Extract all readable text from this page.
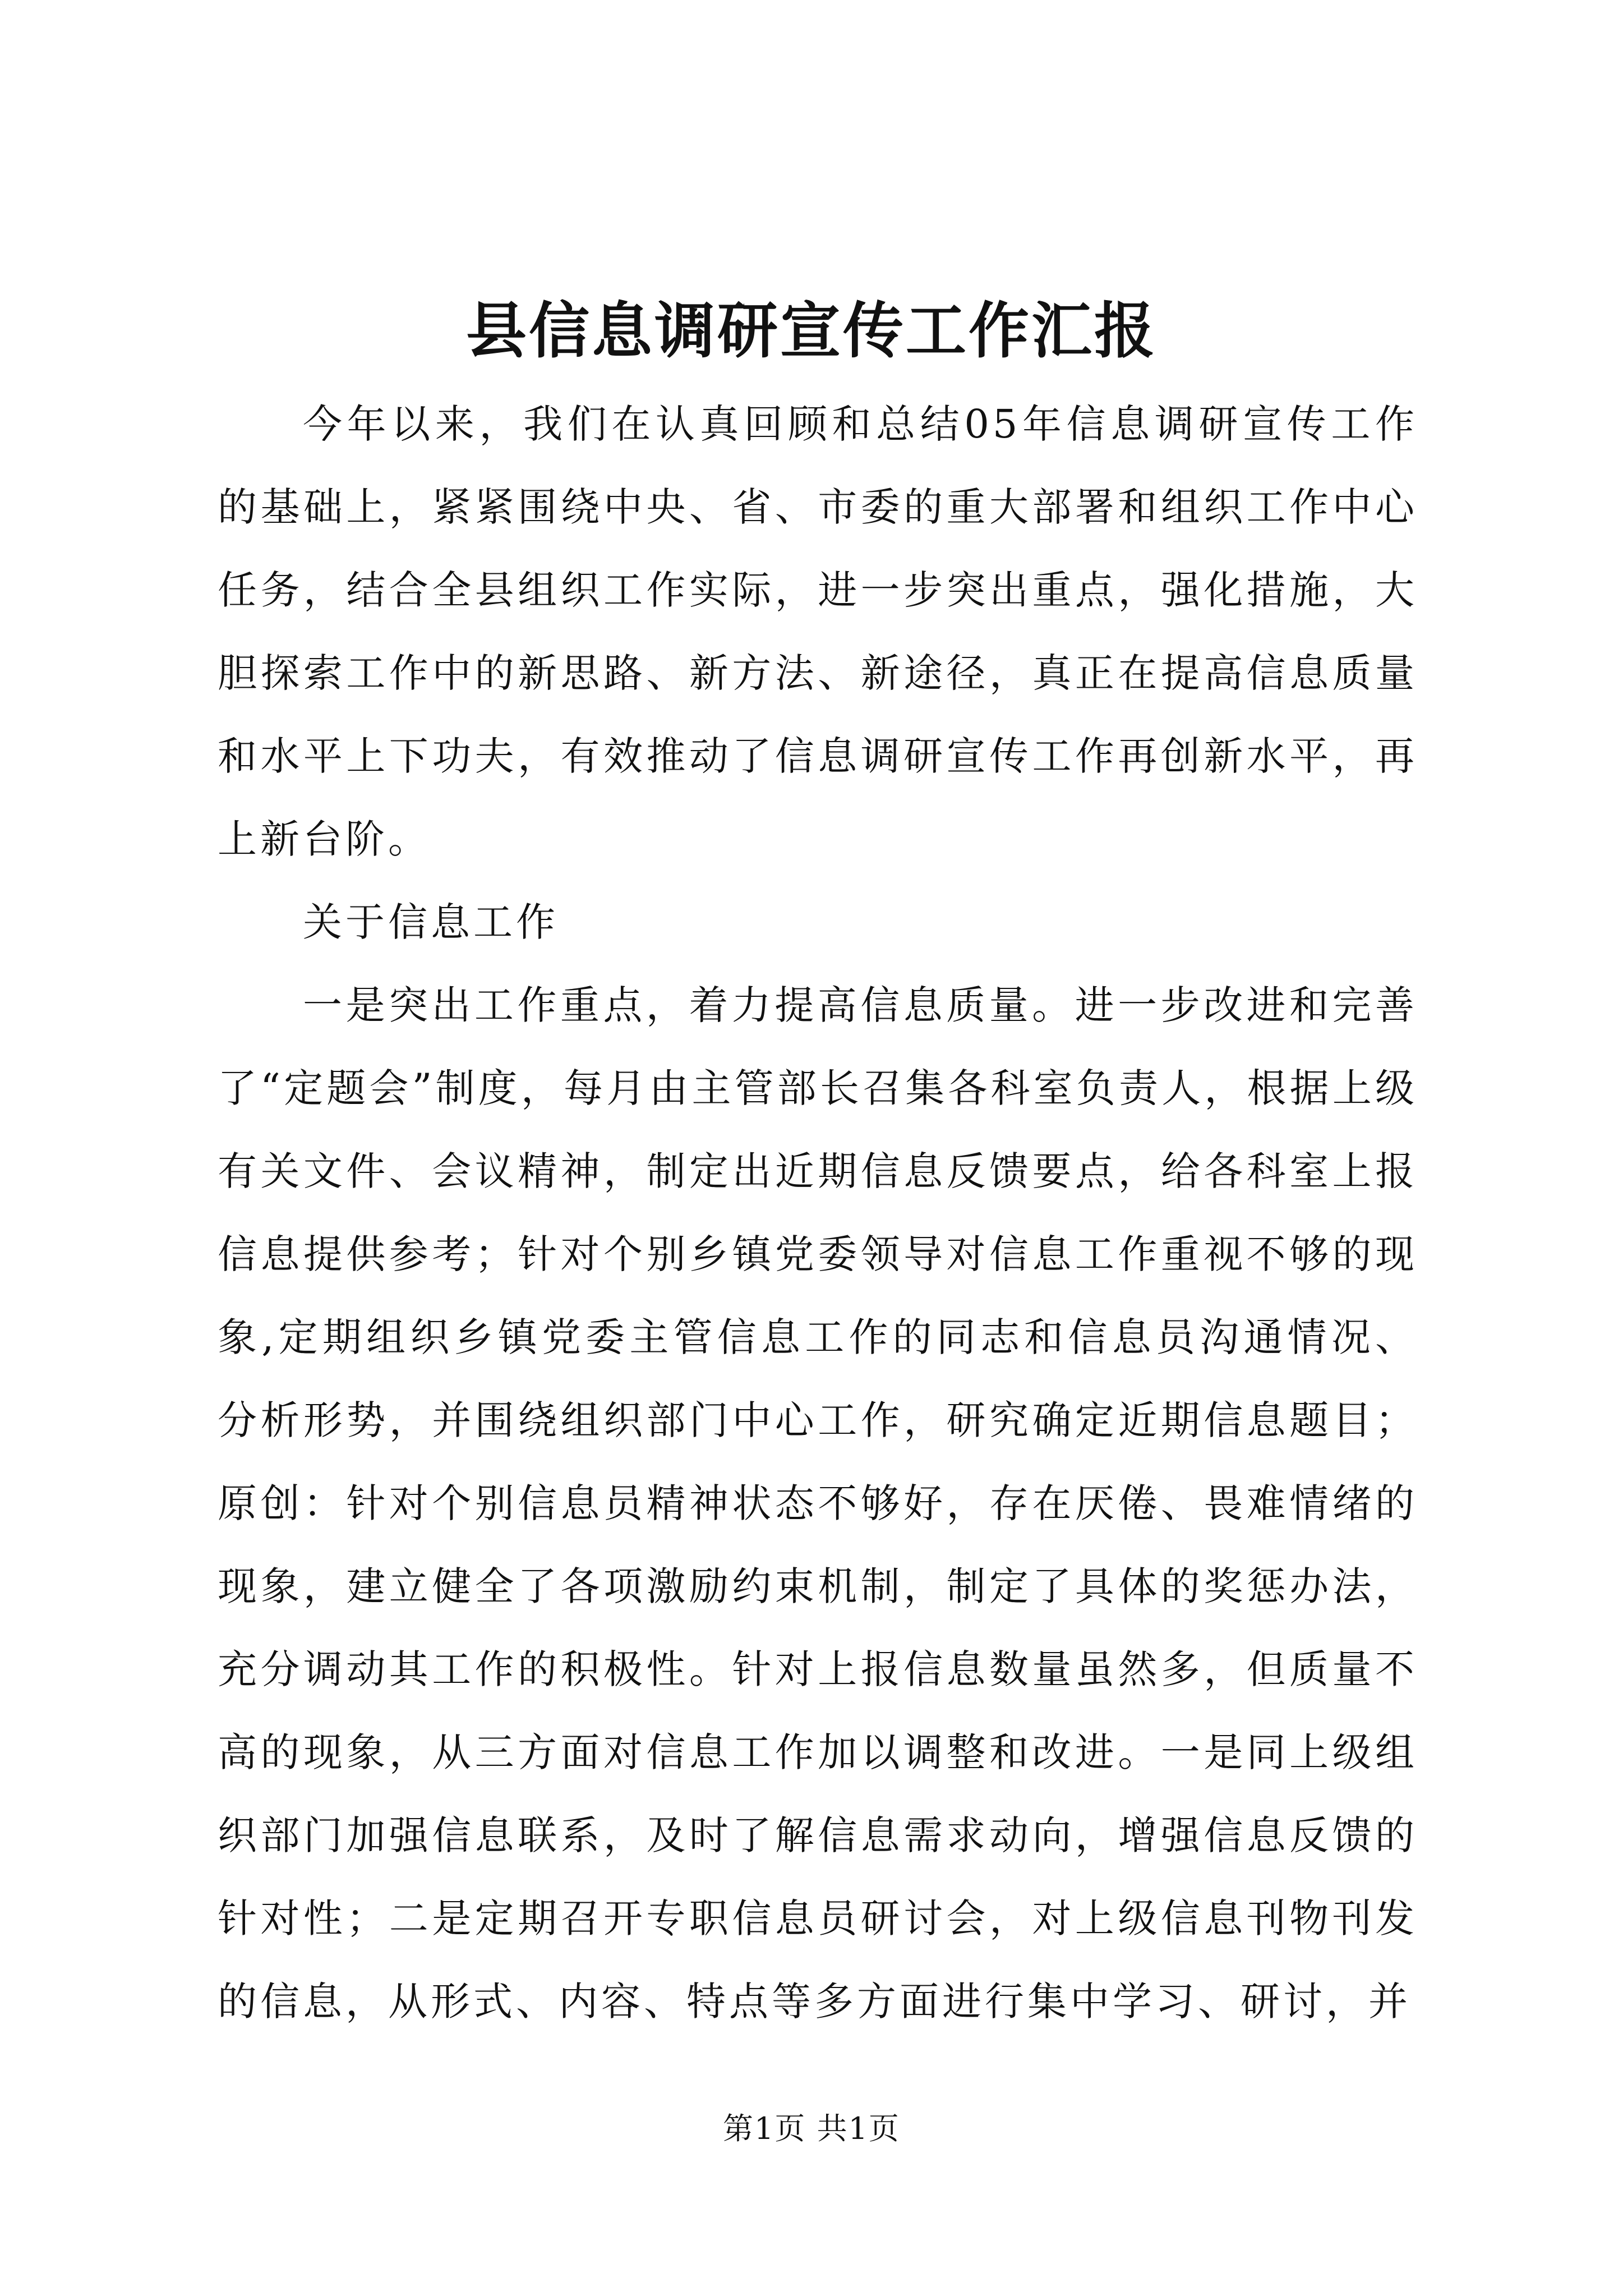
县信息调研宣传工作汇报

今年以来，我们在认真回顾和总结05年信息调研宣传工作的基础上，紧紧围绕中央、省、市委的重大部署和组织工作中心任务，结合全县组织工作实际，进一步突出重点，强化措施，大胆探索工作中的新思路、新方法、新途径，真正在提高信息质量和水平上下功夫，有效推动了信息调研宣传工作再创新水平，再上新台阶。

关于信息工作

一是突出工作重点，着力提高信息质量。进一步改进和完善了“定题会”制度，每月由主管部长召集各科室负责人，根据上级有关文件、会议精神，制定出近期信息反馈要点，给各科室上报信息提供参考；针对个别乡镇党委领导对信息工作重视不够的现象,定期组织乡镇党委主管信息工作的同志和信息员沟通情况、分析形势，并围绕组织部门中心工作，研究确定近期信息题目；原创：针对个别信息员精神状态不够好，存在厌倦、畏难情绪的现象，建立健全了各项激励约束机制，制定了具体的奖惩办法，充分调动其工作的积极性。针对上报信息数量虽然多，但质量不高的现象，从三方面对信息工作加以调整和改进。一是同上级组织部门加强信息联系，及时了解信息需求动向，增强信息反馈的针对性；二是定期召开专职信息员研讨会，对上级信息刊物刊发的信息，从形式、内容、特点等多方面进行集中学习、研讨，并

第1页 共1页
